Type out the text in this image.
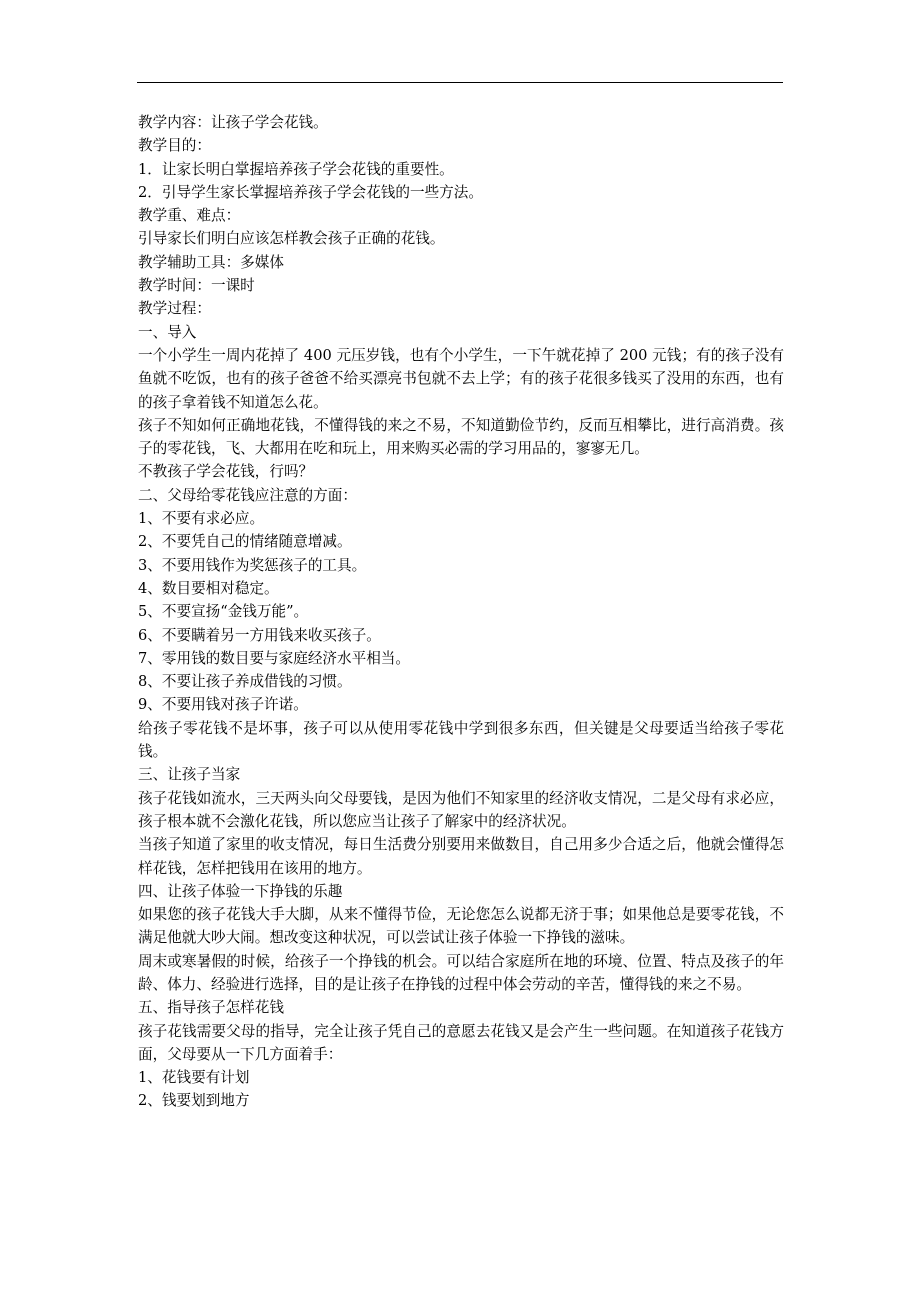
教学内容：让孩子学会花钱。

教学目的：

1．让家长明白掌握培养孩子学会花钱的重要性。

2．引导学生家长掌握培养孩子学会花钱的一些方法。

教学重、难点：

引导家长们明白应该怎样教会孩子正确的花钱。

教学辅助工具：多媒体

教学时间：一课时

教学过程：

一、导入

一个小学生一周内花掉了 400 元压岁钱，也有个小学生，一下午就花掉了 200 元钱；有的孩子没有鱼就不吃饭，也有的孩子爸爸不给买漂亮书包就不去上学；有的孩子花很多钱买了没用的东西，也有的孩子拿着钱不知道怎么花。

孩子不知如何正确地花钱，不懂得钱的来之不易，不知道勤俭节约，反而互相攀比，进行高消费。孩子的零花钱，飞、大都用在吃和玩上，用来购买必需的学习用品的，寥寥无几。

不教孩子学会花钱，行吗？

二、父母给零花钱应注意的方面：

1、不要有求必应。

2、不要凭自己的情绪随意增减。

3、不要用钱作为奖惩孩子的工具。

4、数目要相对稳定。

5、不要宣扬“金钱万能”。

6、不要瞒着另一方用钱来收买孩子。

7、零用钱的数目要与家庭经济水平相当。

8、不要让孩子养成借钱的习惯。

9、不要用钱对孩子许诺。

给孩子零花钱不是坏事，孩子可以从使用零花钱中学到很多东西，但关键是父母要适当给孩子零花钱。

三、让孩子当家

孩子花钱如流水，三天两头向父母要钱，是因为他们不知家里的经济收支情况，二是父母有求必应，孩子根本就不会激化花钱，所以您应当让孩子了解家中的经济状况。

当孩子知道了家里的收支情况，每日生活费分别要用来做数目，自己用多少合适之后，他就会懂得怎样花钱，怎样把钱用在该用的地方。

四、让孩子体验一下挣钱的乐趣

如果您的孩子花钱大手大脚，从来不懂得节俭，无论您怎么说都无济于事；如果他总是要零花钱，不满足他就大吵大闹。想改变这种状况，可以尝试让孩子体验一下挣钱的滋味。

周末或寒暑假的时候，给孩子一个挣钱的机会。可以结合家庭所在地的环境、位置、特点及孩子的年龄、体力、经验进行选择，目的是让孩子在挣钱的过程中体会劳动的辛苦，懂得钱的来之不易。

五、指导孩子怎样花钱

孩子花钱需要父母的指导，完全让孩子凭自己的意愿去花钱又是会产生一些问题。在知道孩子花钱方面，父母要从一下几方面着手：

1、花钱要有计划

2、钱要划到地方
